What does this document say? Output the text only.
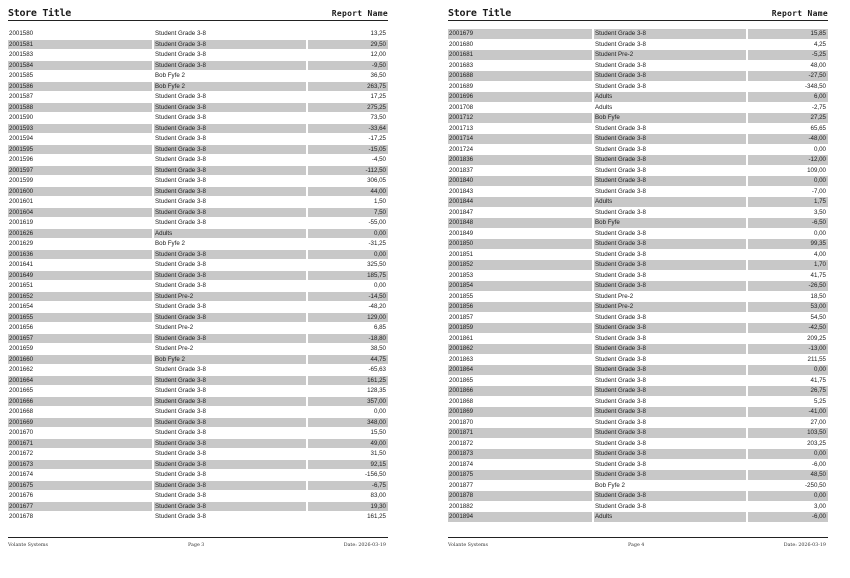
Store Title	Report Name
2001580	Student Grade 3-8	13,25
2001581	Student Grade 3-8	29,50
2001583	Student Grade 3-8	12,00
2001584	Student Grade 3-8	-9,50
2001585	Bob Fyfe 2	36,50
2001586	Bob Fyfe 2	263,75
2001587	Student Grade 3-8	17,25
2001588	Student Grade 3-8	275,25
2001590	Student Grade 3-8	73,50
2001593	Student Grade 3-8	-33,64
2001594	Student Grade 3-8	-17,25
2001595	Student Grade 3-8	-15,05
2001596	Student Grade 3-8	-4,50
2001597	Student Grade 3-8	-112,50
2001599	Student Grade 3-8	306,05
2001600	Student Grade 3-8	44,00
2001601	Student Grade 3-8	1,50
2001604	Student Grade 3-8	7,50
2001619	Student Grade 3-8	-55,00
2001626	Adults	0,00
2001629	Bob Fyfe 2	-31,25
2001636	Student Grade 3-8	0,00
2001641	Student Grade 3-8	325,50
2001649	Student Grade 3-8	185,75
2001651	Student Grade 3-8	0,00
2001652	Student Pre-2	-14,50
2001654	Student Grade 3-8	-48,20
2001655	Student Grade 3-8	129,00
2001656	Student Pre-2	6,85
2001657	Student Grade 3-8	-18,80
2001659	Student Pre-2	38,50
2001660	Bob Fyfe 2	44,75
2001662	Student Grade 3-8	-65,63
2001664	Student Grade 3-8	161,25
2001665	Student Grade 3-8	128,35
2001666	Student Grade 3-8	357,00
2001668	Student Grade 3-8	0,00
2001669	Student Grade 3-8	348,00
2001670	Student Grade 3-8	15,50
2001671	Student Grade 3-8	49,00
2001672	Student Grade 3-8	31,50
2001673	Student Grade 3-8	92,15
2001674	Student Grade 3-8	-156,50
2001675	Student Grade 3-8	-6,75
2001676	Student Grade 3-8	83,00
2001677	Student Grade 3-8	19,30
2001678	Student Grade 3-8	161,25
Volante Systems	Page 3	Date: 2026-03-19
Store Title	Report Name
2001679	Student Grade 3-8	15,85
2001680	Student Grade 3-8	4,25
2001681	Student Pre-2	-5,25
2001683	Student Grade 3-8	48,00
2001688	Student Grade 3-8	-27,50
2001689	Student Grade 3-8	-348,50
2001696	Adults	6,00
2001708	Adults	-2,75
2001712	Bob Fyfe	27,25
2001713	Student Grade 3-8	65,65
2001714	Student Grade 3-8	-48,00
2001724	Student Grade 3-8	0,00
2001836	Student Grade 3-8	-12,00
2001837	Student Grade 3-8	109,00
2001840	Student Grade 3-8	0,00
2001843	Student Grade 3-8	-7,00
2001844	Adults	1,75
2001847	Student Grade 3-8	3,50
2001848	Bob Fyfe	-6,50
2001849	Student Grade 3-8	0,00
2001850	Student Grade 3-8	99,35
2001851	Student Grade 3-8	4,00
2001852	Student Grade 3-8	1,70
2001853	Student Grade 3-8	41,75
2001854	Student Grade 3-8	-26,50
2001855	Student Pre-2	18,50
2001856	Student Pre-2	53,00
2001857	Student Grade 3-8	54,50
2001859	Student Grade 3-8	-42,50
2001861	Student Grade 3-8	209,25
2001862	Student Grade 3-8	-13,00
2001863	Student Grade 3-8	211,55
2001864	Student Grade 3-8	0,00
2001865	Student Grade 3-8	41,75
2001866	Student Grade 3-8	26,75
2001868	Student Grade 3-8	5,25
2001869	Student Grade 3-8	-41,00
2001870	Student Grade 3-8	27,00
2001871	Student Grade 3-8	103,50
2001872	Student Grade 3-8	203,25
2001873	Student Grade 3-8	0,00
2001874	Student Grade 3-8	-6,00
2001875	Student Grade 3-8	48,50
2001877	Bob Fyfe 2	-250,50
2001878	Student Grade 3-8	0,00
2001882	Student Grade 3-8	3,00
2001894	Adults	-6,00
Volante Systems	Page 4	Date: 2026-03-19
